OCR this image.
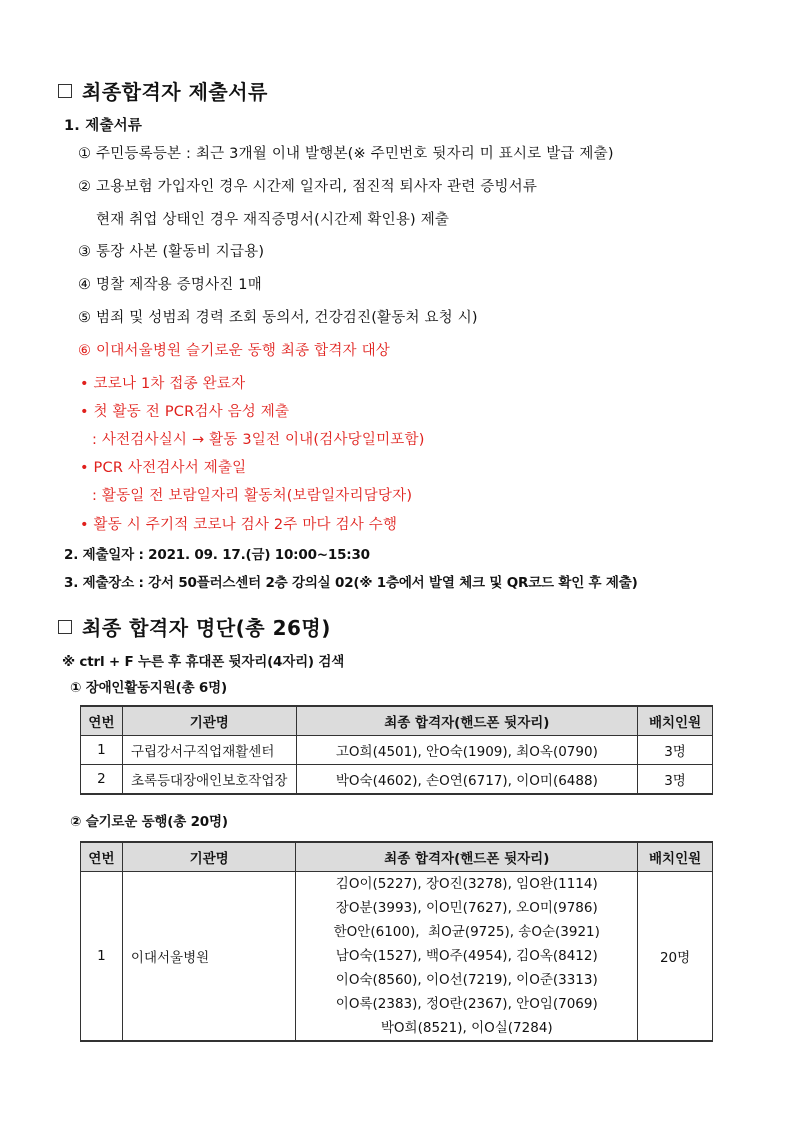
최종합격자 제출서류
1. 제출서류
① 주민등록등본 : 최근 3개월 이내 발행본(※ 주민번호 뒷자리 미 표시로 발급 제출)
② 고용보험 가입자인 경우 시간제 일자리, 점진적 퇴사자 관련 증빙서류
현재 취업 상태인 경우 재직증명서(시간제 확인용) 제출
③ 통장 사본 (활동비 지급용)
④ 명찰 제작용 증명사진 1매
⑤ 범죄 및 성범죄 경력 조회 동의서, 건강검진(활동처 요청 시)
⑥ 이대서울병원 슬기로운 동행 최종 합격자 대상
• 코로나 1차 접종 완료자
• 첫 활동 전 PCR검사 음성 제출
: 사전검사실시 → 활동 3일전 이내(검사당일미포함)
• PCR 사전검사서 제출일
: 활동일 전 보람일자리 활동처(보람일자리담당자)
• 활동 시 주기적 코로나 검사 2주 마다 검사 수행
2. 제출일자 : 2021. 09. 17.(금) 10:00~15:30
3. 제출장소 : 강서 50플러스센터 2층 강의실 02(※ 1층에서 발열 체크 및 QR코드 확인 후 제출)
최종 합격자 명단(총 26명)
※ ctrl + F 누른 후 휴대폰 뒷자리(4자리) 검색
① 장애인활동지원(총 6명)
연번	기관명	최종 합격자(핸드폰 뒷자리)	배치인원
1	구립강서구직업재활센터	고O희(4501), 안O숙(1909), 최O옥(0790)	3명
2	초록등대장애인보호작업장	박O숙(4602), 손O연(6717), 이O미(6488)	3명
② 슬기로운 동행(총 20명)
연번	기관명	최종 합격자(핸드폰 뒷자리)	배치인원
1	이대서울병원	
김O이(5227), 장O진(3278), 임O완(1114)
장O분(3993), 이O민(7627), 오O미(9786)
한O안(6100),  최O균(9725), 송O순(3921)
남O숙(1527), 백O주(4954), 김O옥(8412)
이O숙(8560), 이O선(7219), 이O준(3313)
이O록(2383), 정O란(2367), 안O임(7069)
박O희(8521), 이O실(7284)
	20명
